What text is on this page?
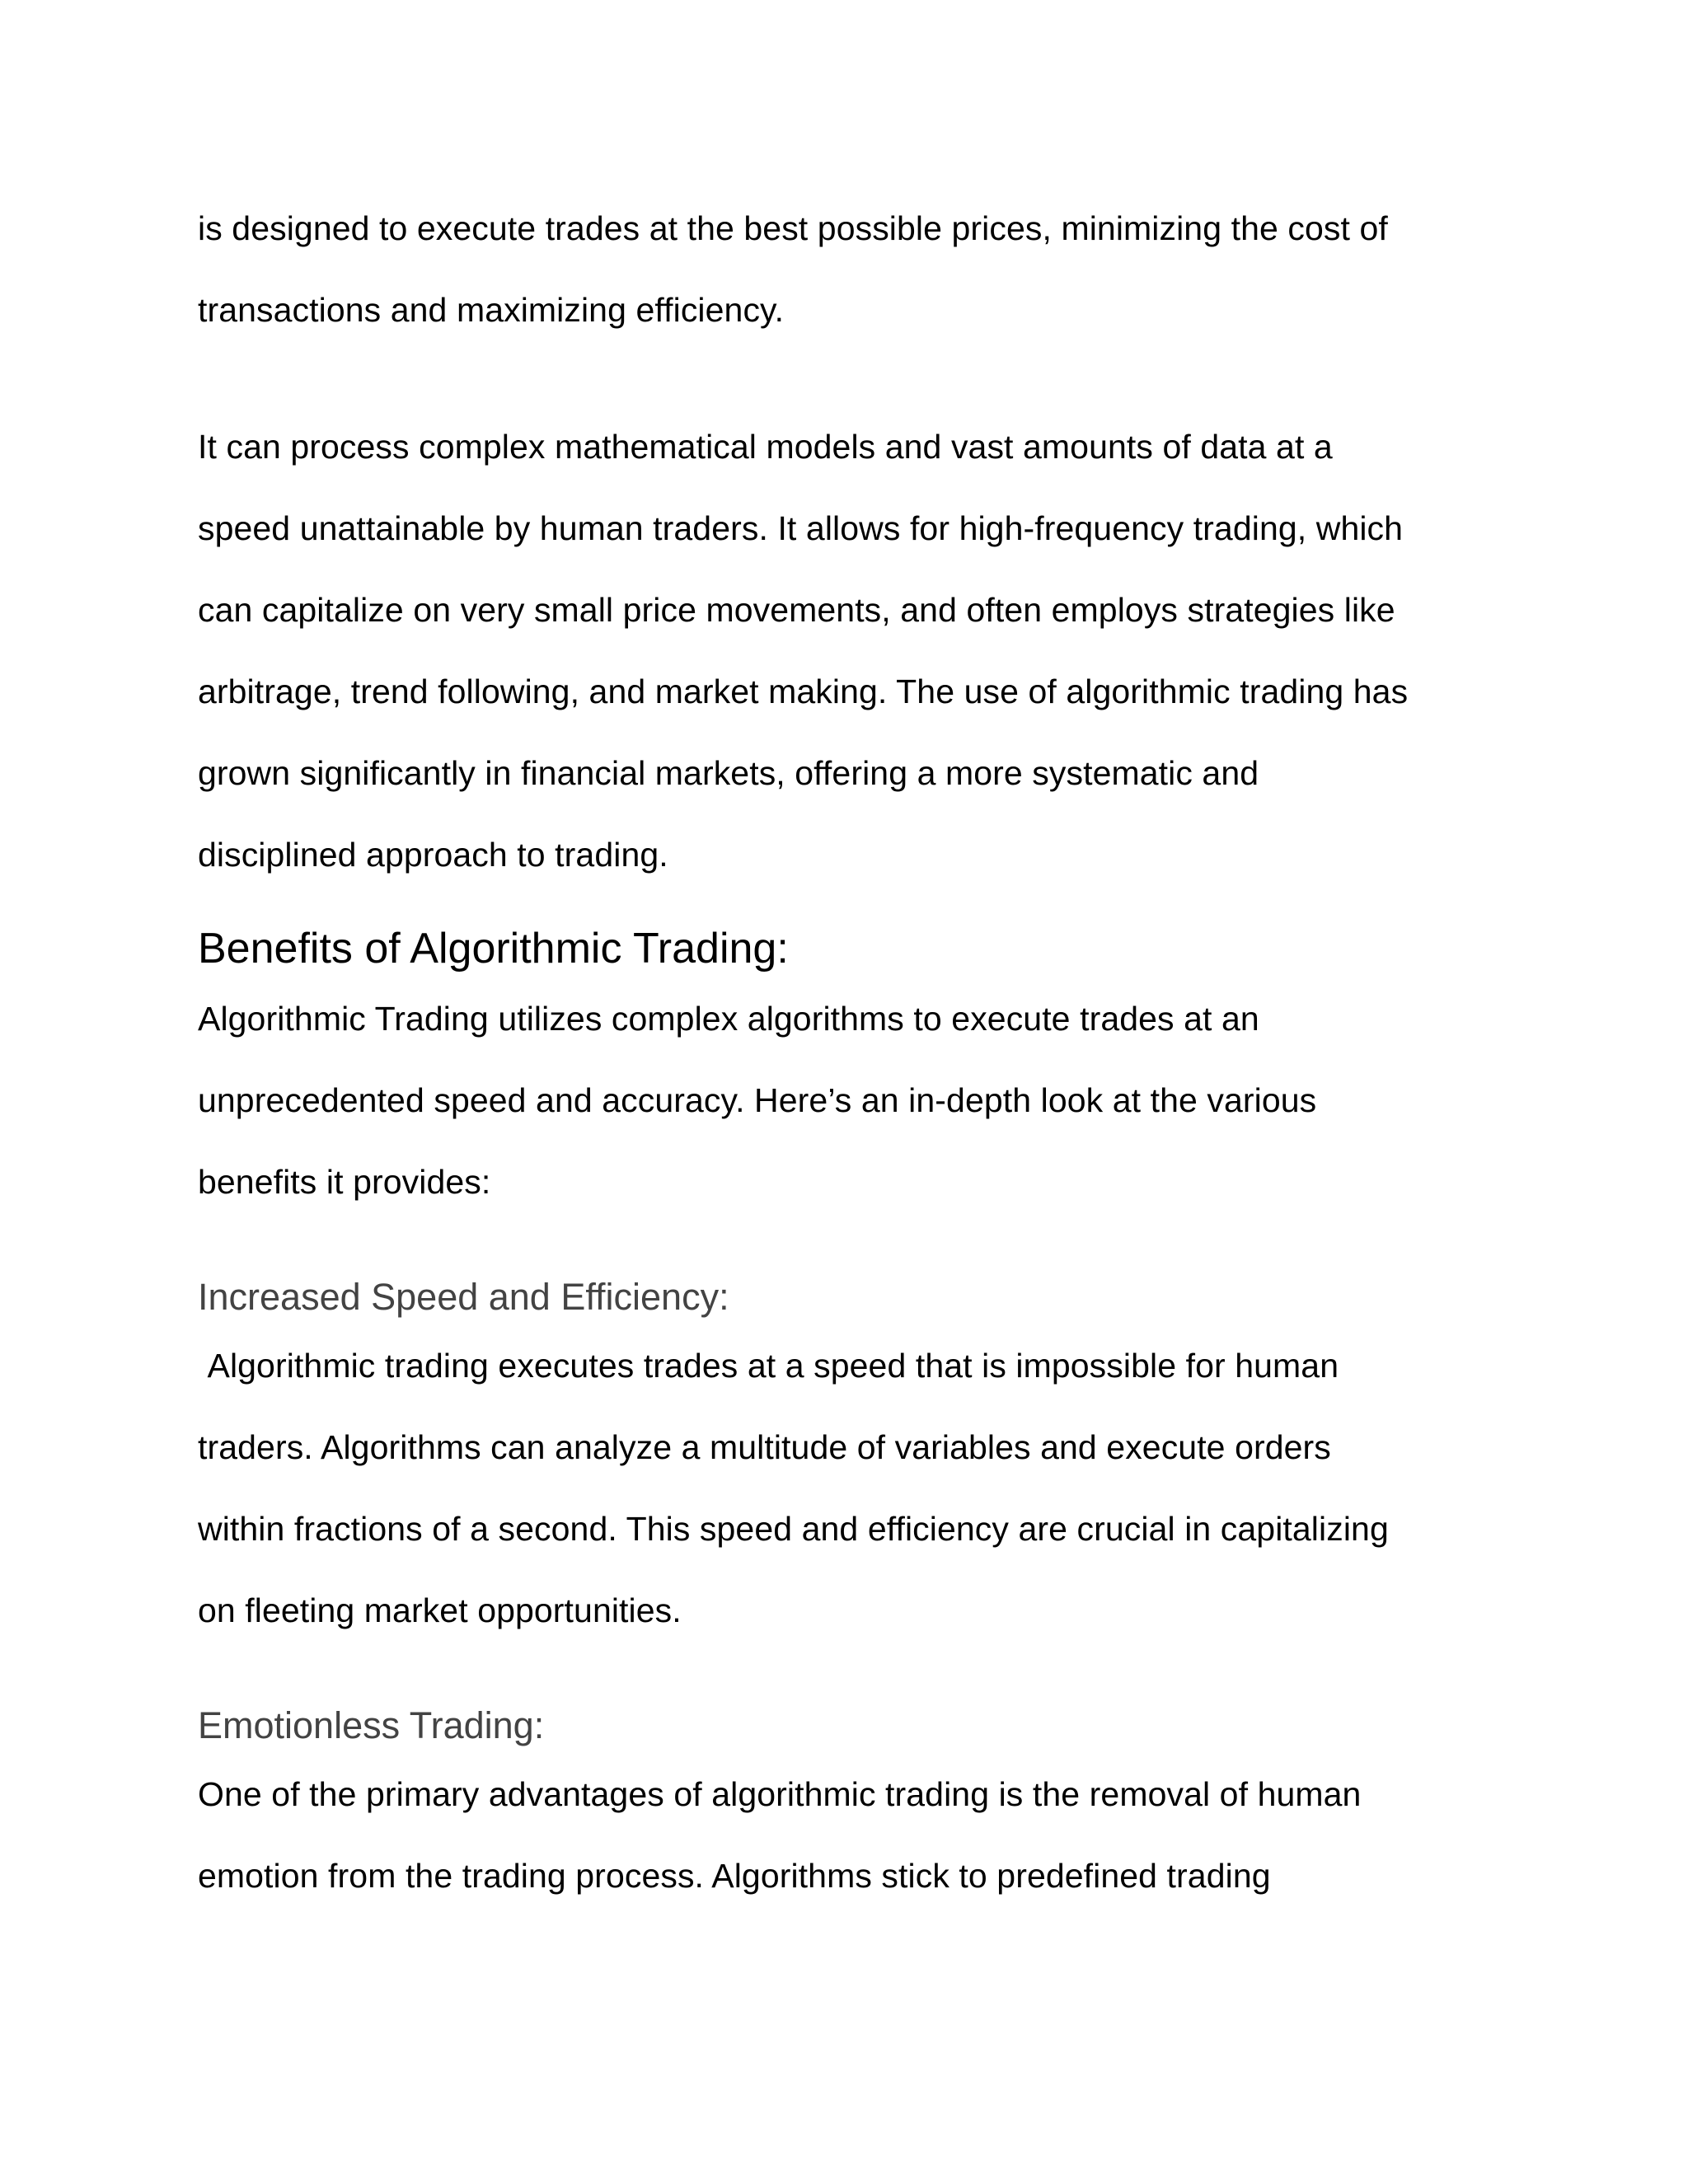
is designed to execute trades at the best possible prices, minimizing the cost of
transactions and maximizing efficiency.

It can process complex mathematical models and vast amounts of data at a
speed unattainable by human traders. It allows for high-frequency trading, which
can capitalize on very small price movements, and often employs strategies like
arbitrage, trend following, and market making. The use of algorithmic trading has
grown significantly in financial markets, offering a more systematic and
disciplined approach to trading.

Benefits of Algorithmic Trading:

Algorithmic Trading utilizes complex algorithms to execute trades at an
unprecedented speed and accuracy. Here’s an in-depth look at the various
benefits it provides:

Increased Speed and Efficiency:

Algorithmic trading executes trades at a speed that is impossible for human
traders. Algorithms can analyze a multitude of variables and execute orders
within fractions of a second. This speed and efficiency are crucial in capitalizing
on fleeting market opportunities.

Emotionless Trading:

One of the primary advantages of algorithmic trading is the removal of human
emotion from the trading process. Algorithms stick to predefined trading
